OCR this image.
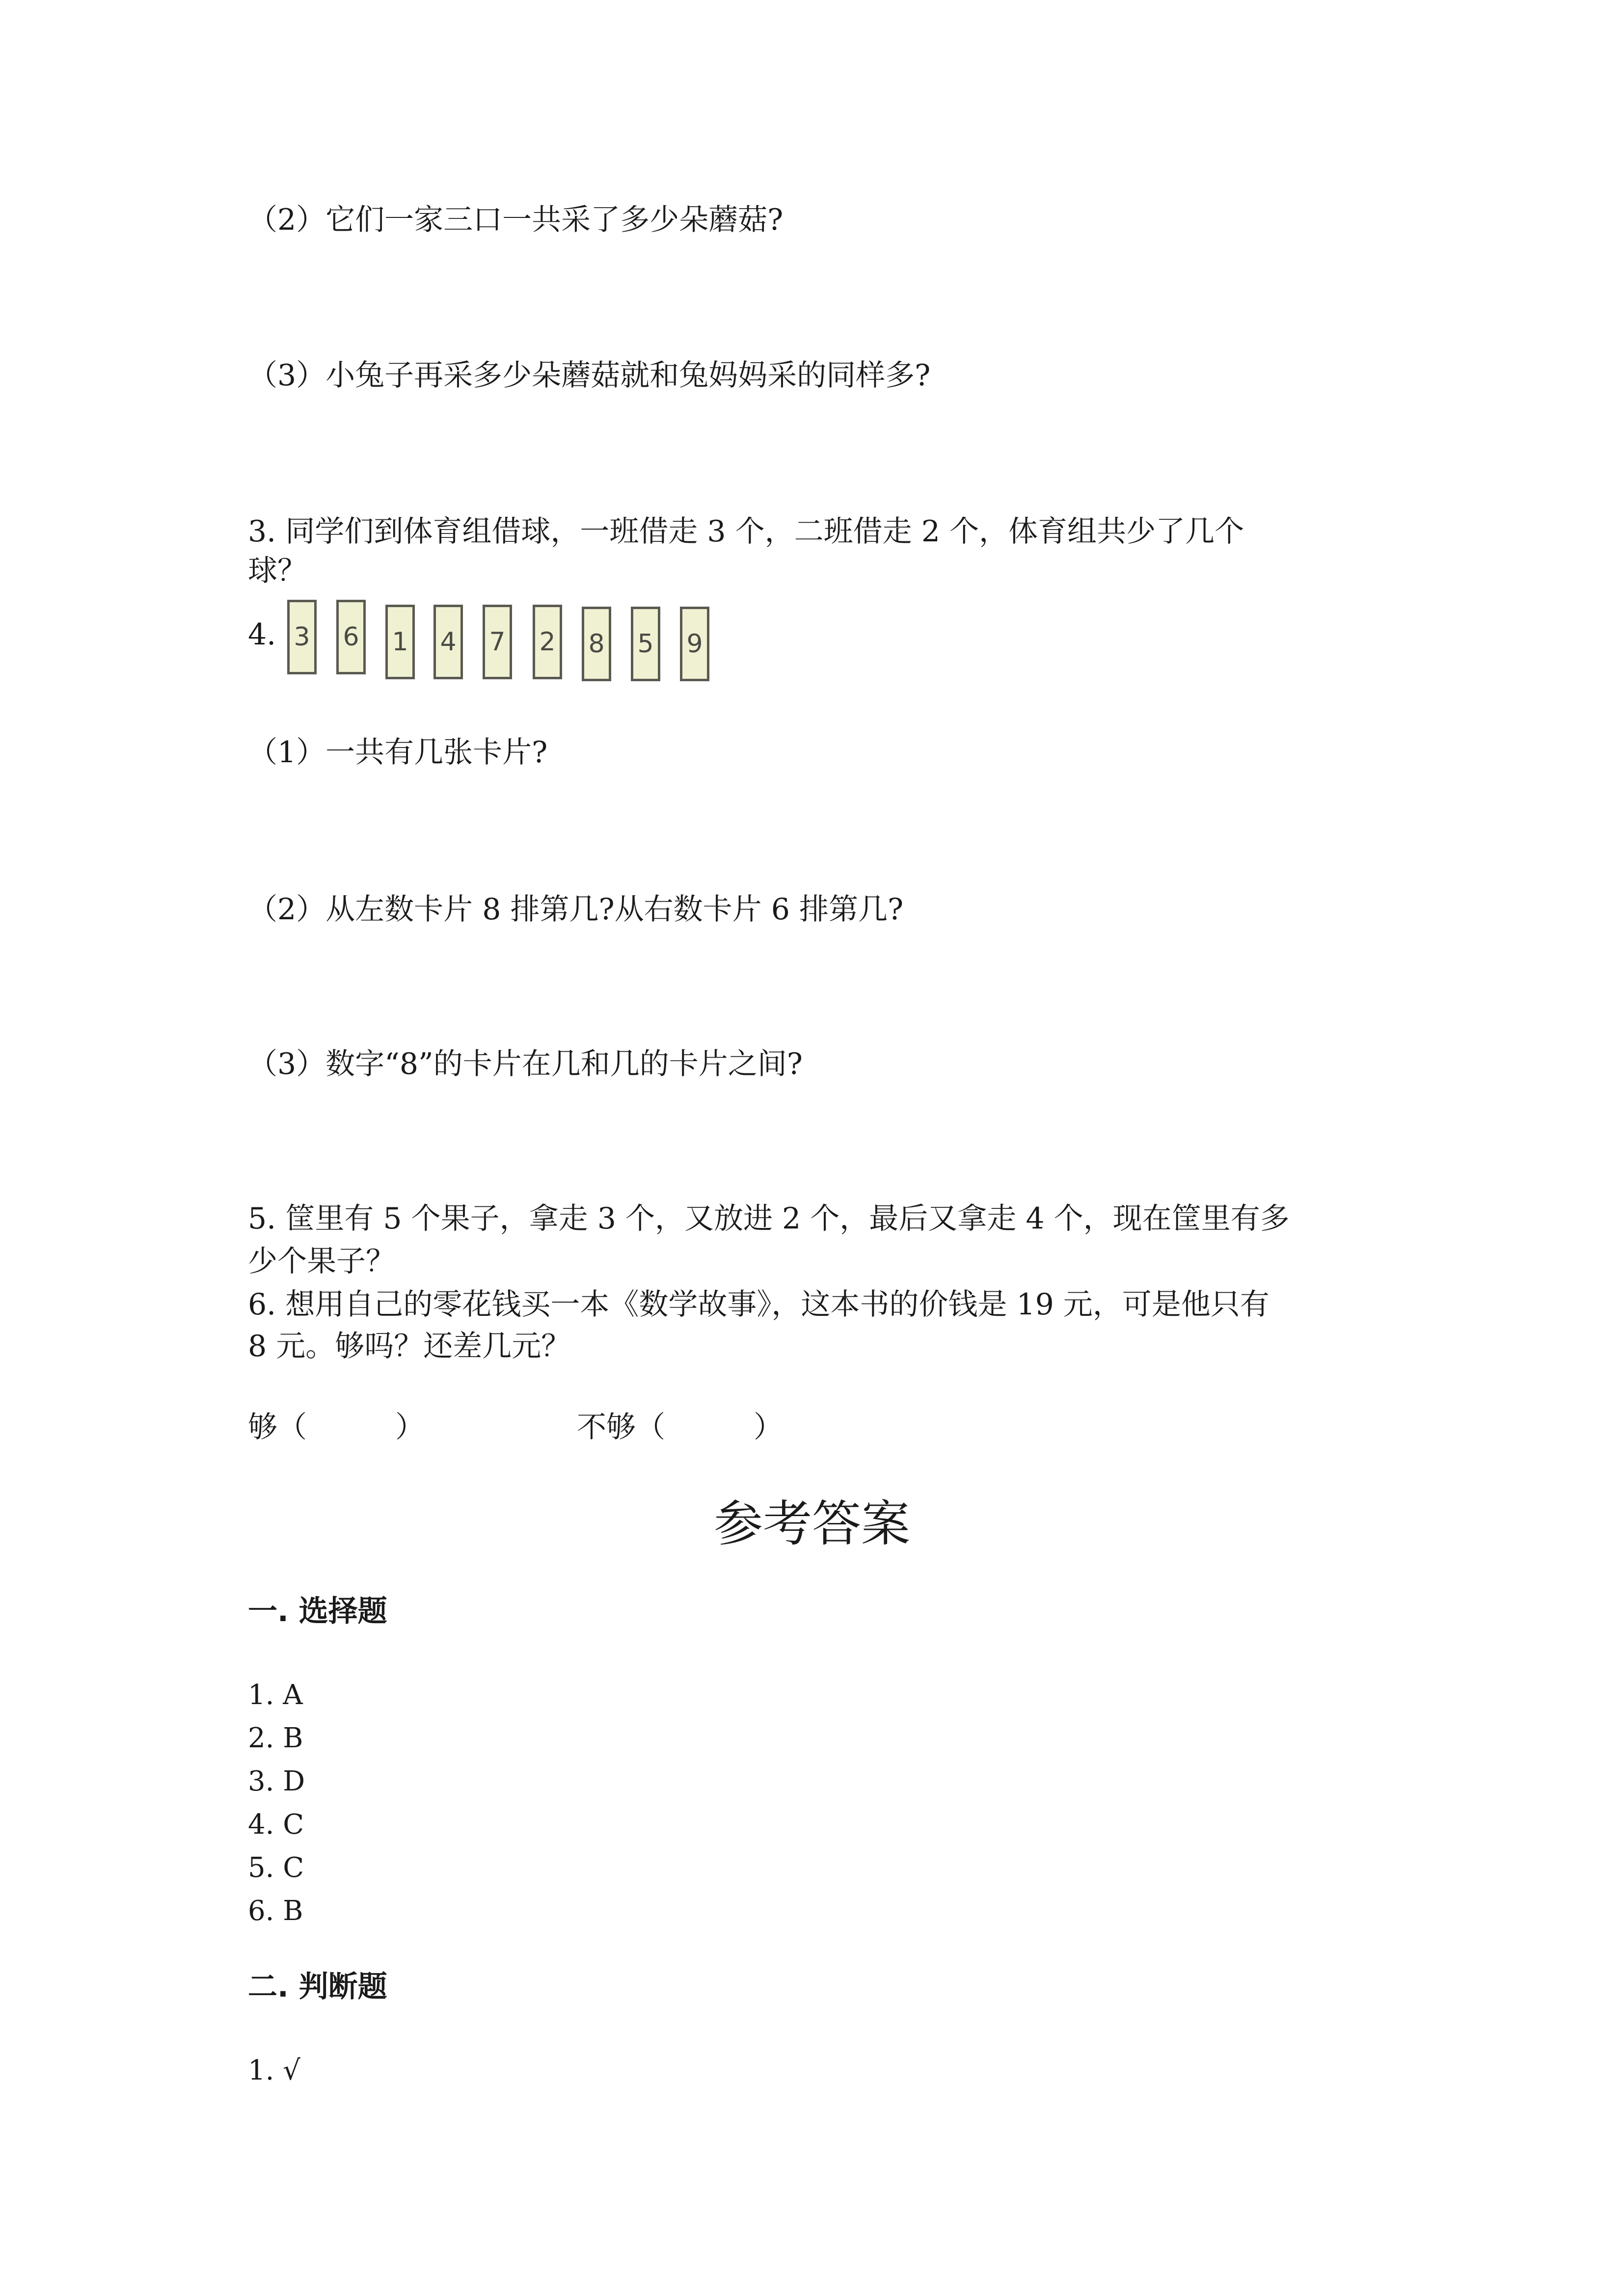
（2）它们一家三口一共采了多少朵蘑菇?
（3）小兔子再采多少朵蘑菇就和兔妈妈采的同样多?
3. 同学们到体育组借球，一班借走 3 个，二班借走 2 个，体育组共少了几个
球？
4. 3 6 1 4 7 2 8 5 9
（1）一共有几张卡片?
（2）从左数卡片 8 排第几?从右数卡片 6 排第几?
（3）数字“8”的卡片在几和几的卡片之间?
5. 筐里有 5 个果子，拿走 3 个，又放进 2 个，最后又拿走 4 个，现在筐里有多
少个果子？
6. 想用自己的零花钱买一本《数学故事》，这本书的价钱是 19 元，可是他只有
8 元。够吗？还差几元？
够（　　　）	不够（　　　）
参考答案
一. 选择题
1. A
2. B
3. D
4. C
5. C
6. B
二. 判断题
1. √
